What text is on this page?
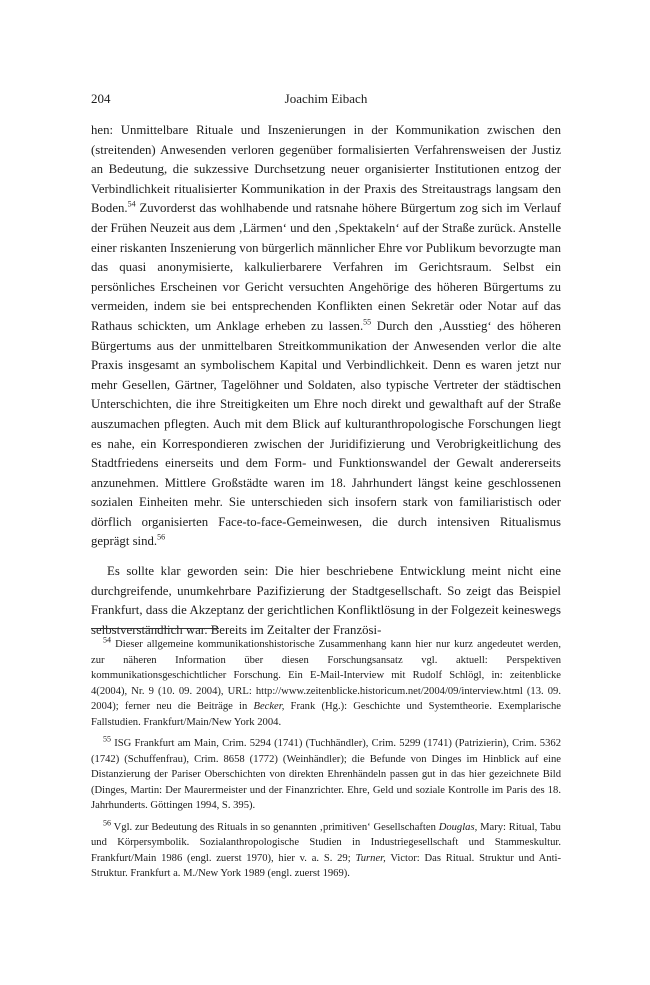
204	Joachim Eibach

hen: Unmittelbare Rituale und Inszenierungen in der Kommunikation zwischen den (streitenden) Anwesenden verloren gegenüber formalisierten Verfahrensweisen der Justiz an Bedeutung, die sukzessive Durchsetzung neuer organisierter Institutionen entzog der Verbindlichkeit ritualisierter Kommunikation in der Praxis des Streitaustrags langsam den Boden.$^{54}$ Zuvorderst das wohlhabende und ratsnahe höhere Bürgertum zog sich im Verlauf der Frühen Neuzeit aus dem ‚Lärmen‘ und den ‚Spektakeln‘ auf der Straße zurück. Anstelle einer riskanten Inszenierung von bürgerlich männlicher Ehre vor Publikum bevorzugte man das quasi anonymisierte, kalkulierbarere Verfahren im Gerichtsraum. Selbst ein persönliches Erscheinen vor Gericht versuchten Angehörige des höheren Bürgertums zu vermeiden, indem sie bei entsprechenden Konflikten einen Sekretär oder Notar auf das Rathaus schickten, um Anklage erheben zu lassen.$^{55}$ Durch den ‚Ausstieg‘ des höheren Bürgertums aus der unmittelbaren Streitkommunikation der Anwesenden verlor die alte Praxis insgesamt an symbolischem Kapital und Verbindlichkeit. Denn es waren jetzt nur mehr Gesellen, Gärtner, Tagelöhner und Soldaten, also typische Vertreter der städtischen Unterschichten, die ihre Streitigkeiten um Ehre noch direkt und gewalthaft auf der Straße auszumachen pflegten. Auch mit dem Blick auf kulturanthropologische Forschungen liegt es nahe, ein Korrespondieren zwischen der Juridifizierung und Verobrigkeitlichung des Stadtfriedens einerseits und dem Form- und Funktionswandel der Gewalt andererseits anzunehmen. Mittlere Großstädte waren im 18. Jahrhundert längst keine geschlossenen sozialen Einheiten mehr. Sie unterschieden sich insofern stark von familiaristisch oder dörflich organisierten Face-to-face-Gemeinwesen, die durch intensiven Ritualismus geprägt sind.$^{56}$

Es sollte klar geworden sein: Die hier beschriebene Entwicklung meint nicht eine durchgreifende, unumkehrbare Pazifizierung der Stadtgesellschaft. So zeigt das Beispiel Frankfurt, dass die Akzeptanz der gerichtlichen Konfliktlösung in der Folgezeit keineswegs selbstverständlich war. Bereits im Zeitalter der Französi-

$^{54}$ Dieser allgemeine kommunikationshistorische Zusammenhang kann hier nur kurz angedeutet werden, zur näheren Information über diesen Forschungsansatz vgl. aktuell: Perspektiven kommunikationsgeschichtlicher Forschung. Ein E-Mail-Interview mit Rudolf Schlögl, in: zeitenblicke 4(2004), Nr. 9 (10. 09. 2004), URL: http://www.zeitenblicke.historicum.net/2004/09/interview.html (13. 09. 2004); ferner neu die Beiträge in Becker, Frank (Hg.): Geschichte und Systemtheorie. Exemplarische Fallstudien. Frankfurt/Main/New York 2004.

$^{55}$ ISG Frankfurt am Main, Crim. 5294 (1741) (Tuchhändler), Crim. 5299 (1741) (Patrizierin), Crim. 5362 (1742) (Schuffenfrau), Crim. 8658 (1772) (Weinhändler); die Befunde von Dinges im Hinblick auf eine Distanzierung der Pariser Oberschichten von direkten Ehrenhändeln passen gut in das hier gezeichnete Bild (Dinges, Martin: Der Maurermeister und der Finanzrichter. Ehre, Geld und soziale Kontrolle im Paris des 18. Jahrhunderts. Göttingen 1994, S. 395).

$^{56}$ Vgl. zur Bedeutung des Rituals in so genannten ‚primitiven‘ Gesellschaften Douglas, Mary: Ritual, Tabu und Körpersymbolik. Sozialanthropologische Studien in Industriegesellschaft und Stammeskultur. Frankfurt/Main 1986 (engl. zuerst 1970), hier v. a. S. 29; Turner, Victor: Das Ritual. Struktur und Anti-Struktur. Frankfurt a. M./New York 1989 (engl. zuerst 1969).
